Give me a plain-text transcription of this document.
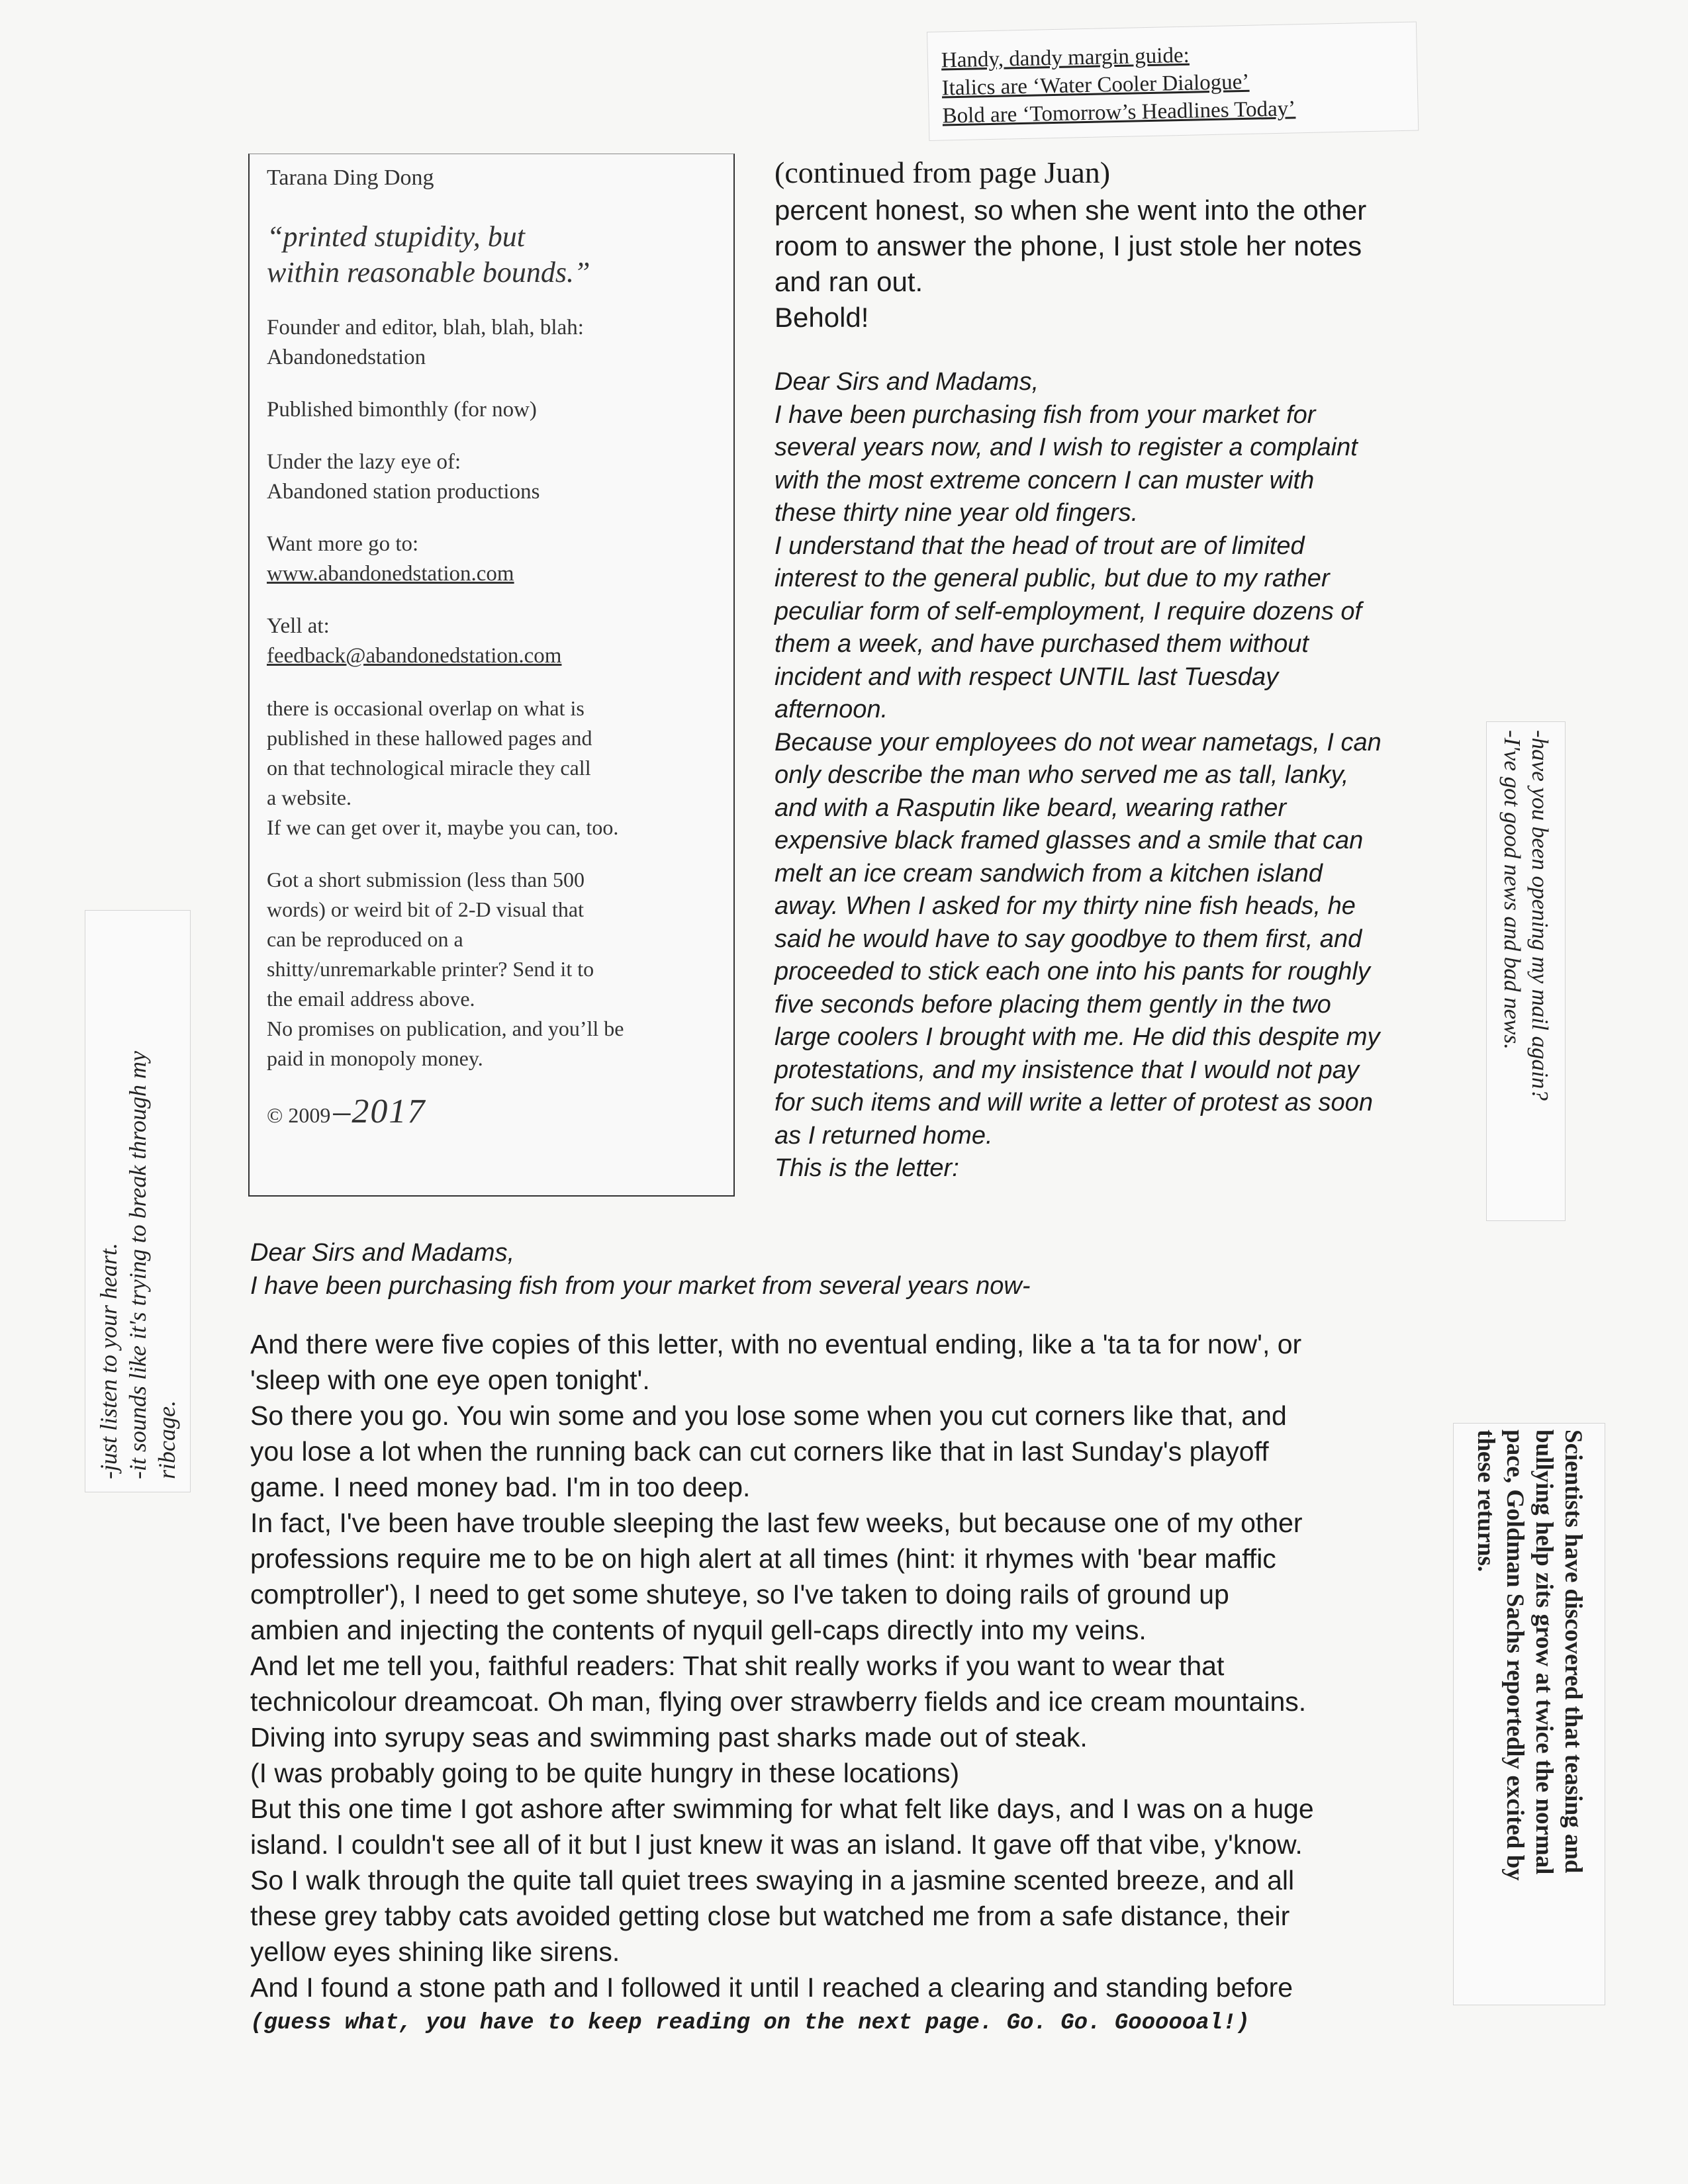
Handy, dandy margin guide:
Italics are ‘Water Cooler Dialogue’
Bold are ‘Tomorrow’s Headlines Today’
Tarana Ding Dong
“printed stupidity, but
within reasonable bounds.”
Founder and editor, blah, blah, blah:
Abandonedstation
Published bimonthly (for now)
Under the lazy eye of:
Abandoned station productions
Want more go to:
www.abandonedstation.com
Yell at:
feedback@abandonedstation.com
there is occasional overlap on what is
published in these hallowed pages and
on that technological miracle they call
a website.
If we can get over it, maybe you can, too.
Got a short submission (less than 500
words) or weird bit of 2-D visual that
can be reproduced on a
shitty/unremarkable printer? Send it to
the email address above.
No promises on publication, and you’ll be
paid in monopoly money.
© 2009–2017
(continued from page Juan)

percent honest, so when she went into the other

room to answer the phone, I just stole her notes

and ran out.

Behold!

Dear Sirs and Madams,

I have been purchasing fish from your market for

several years now, and I wish to register a complaint

with the most extreme concern I can muster with

these thirty nine year old fingers.

I understand that the head of trout are of limited

interest to the general public, but due to my rather

peculiar form of self-employment, I require dozens of

them a week, and have purchased them without

incident and with respect UNTIL last Tuesday

afternoon.

Because your employees do not wear nametags, I can

only describe the man who served me as tall, lanky,

and with a Rasputin like beard, wearing rather

expensive black framed glasses and a smile that can

melt an ice cream sandwich from a kitchen island

away. When I asked for my thirty nine fish heads, he

said he would have to say goodbye to them first, and

proceeded to stick each one into his pants for roughly

five seconds before placing them gently in the two

large coolers I brought with me. He did this despite my

protestations, and my insistence that I would not pay

for such items and will write a letter of protest as soon

as I returned home.

This is the letter:

Dear Sirs and Madams,
I have been purchasing fish from your market from several years now-

And there were five copies of this letter, with no eventual ending, like a 'ta ta for now', or

'sleep with one eye open tonight'.

So there you go. You win some and you lose some when you cut corners like that, and

you lose a lot when the running back can cut corners like that in last Sunday's playoff

game. I need money bad. I'm in too deep.

In fact, I've been have trouble sleeping the last few weeks, but because one of my other

professions require me to be on high alert at all times (hint: it rhymes with 'bear maffic

comptroller'), I need to get some shuteye, so I've taken to doing rails of ground up

ambien and injecting the contents of nyquil gell-caps directly into my veins.

And let me tell you, faithful readers: That shit really works if you want to wear that

technicolour dreamcoat. Oh man, flying over strawberry fields and ice cream mountains.

Diving into syrupy seas and swimming past sharks made out of steak.

(I was probably going to be quite hungry in these locations)

But this one time I got ashore after swimming for what felt like days, and I was on a huge

island. I couldn't see all of it but I just knew it was an island. It gave off that vibe, y'know.

So I walk through the quite tall quiet trees swaying in a jasmine scented breeze, and all

these grey tabby cats avoided getting close but watched me from a safe distance, their

yellow eyes shining like sirens.

And I found a stone path and I followed it until I reached a clearing and standing before

(guess what, you have to keep reading on the next page. Go. Go. Goooooal!)

-just listen to your heart. -it sounds like it's trying to break through my ribcage.
-have you been opening my mail again?
-I've got good news and bad news.
Scientists have discovered that teasing and
bullying help zits grow at twice the normal
pace, Goldman Sachs reportedly excited by
these returns.
